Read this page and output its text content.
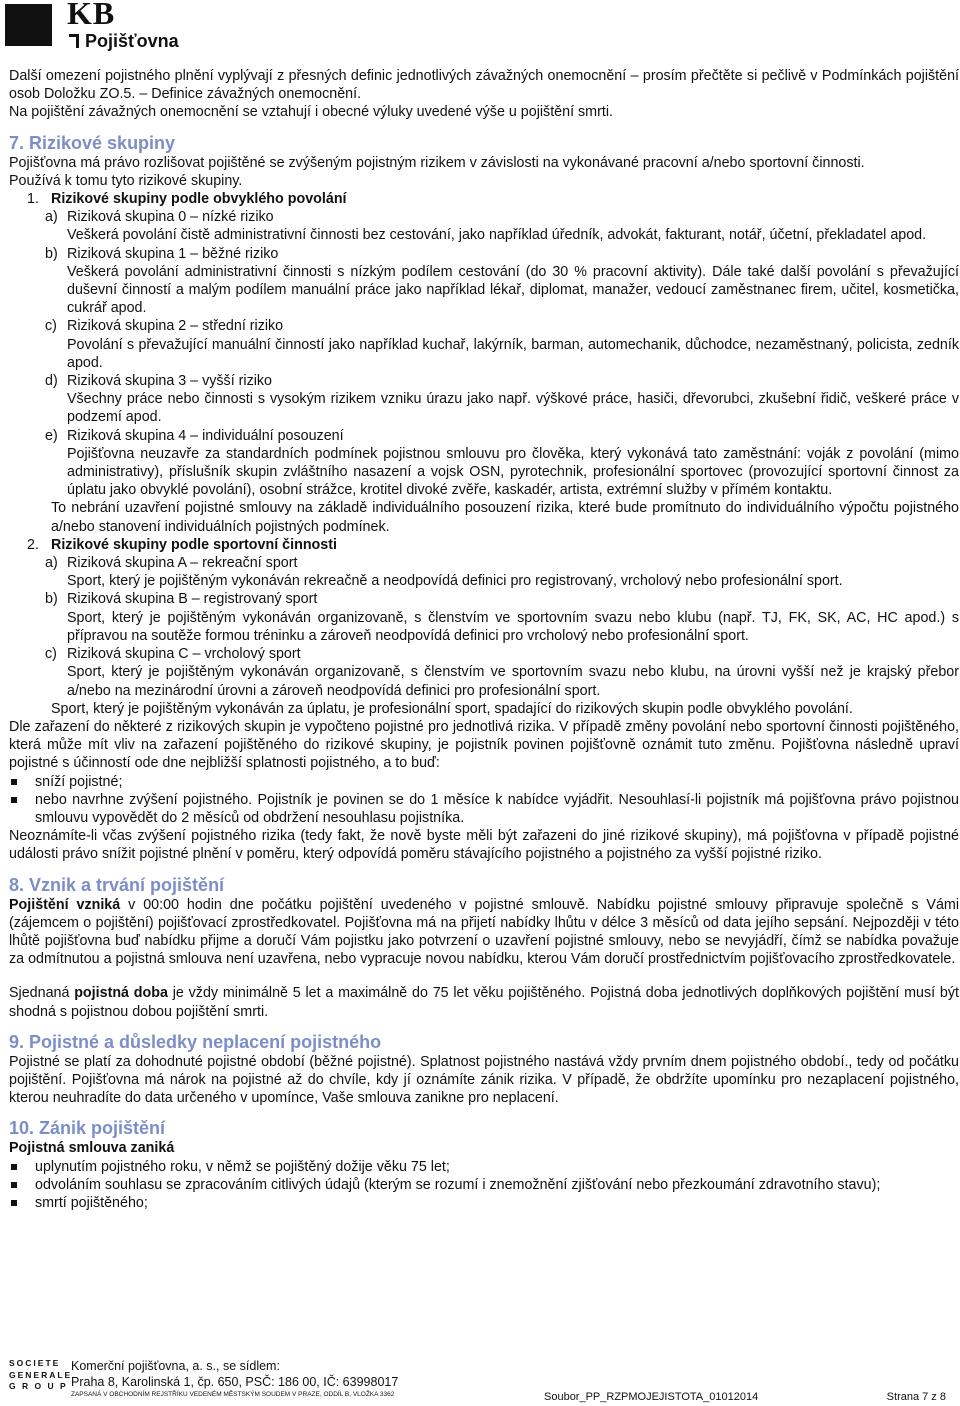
KB
Pojišťovna

Další omezení pojistného plnění vyplývají z přesných definic jednotlivých závažných onemocnění – prosím přečtěte si pečlivě v Podmínkách pojištění osob Doložku ZO.5. – Definice závažných onemocnění.

Na pojištění závažných onemocnění se vztahují i obecné výluky uvedené výše u pojištění smrti.

7. Rizikové skupiny

Pojišťovna má právo rozlišovat pojištěné se zvýšeným pojistným rizikem v závislosti na vykonávané pracovní a/nebo sportovní činnosti.

Používá k tomu tyto rizikové skupiny.

1. Rizikové skupiny podle obvyklého povolání
a) Riziková skupina 0 – nízké riziko

Veškerá povolání čistě administrativní činnosti bez cestování, jako například úředník, advokát, fakturant, notář, účetní, překladatel apod.

b) Riziková skupina 1 – běžné riziko

Veškerá povolání administrativní činnosti s nízkým podílem cestování (do 30 % pracovní aktivity). Dále také další povolání s převažující duševní činností a malým podílem manuální práce jako například lékař, diplomat, manažer, vedoucí zaměstnanec firem, učitel, kosmetička, cukrář apod.

c) Riziková skupina 2 – střední riziko

Povolání s převažující manuální činností jako například kuchař, lakýrník, barman, automechanik, důchodce, nezaměstnaný, policista, zedník apod.

d) Riziková skupina 3 – vyšší riziko

Všechny práce nebo činnosti s vysokým rizikem vzniku úrazu jako např. výškové práce, hasiči, dřevorubci, zkušební řidič, veškeré práce v podzemí apod.

e) Riziková skupina 4 – individuální posouzení

Pojišťovna neuzavře za standardních podmínek pojistnou smlouvu pro člověka, který vykonává tato zaměstnání: voják z povolání (mimo administrativy), příslušník skupin zvláštního nasazení a vojsk OSN, pyrotechnik, profesionální sportovec (provozující sportovní činnost za úplatu jako obvyklé povolání), osobní strážce, krotitel divoké zvěře, kaskadér, artista, extrémní služby v přímém kontaktu.

To nebrání uzavření pojistné smlouvy na základě individuálního posouzení rizika, které bude promítnuto do individuálního výpočtu pojistného a/nebo stanovení individuálních pojistných podmínek.

2. Rizikové skupiny podle sportovní činnosti
a) Riziková skupina A – rekreační sport

Sport, který je pojištěným vykonáván rekreačně a neodpovídá definici pro registrovaný, vrcholový nebo profesionální sport.

b) Riziková skupina B – registrovaný sport

Sport, který je pojištěným vykonáván organizovaně, s členstvím ve sportovním svazu nebo klubu (např. TJ, FK, SK, AC, HC apod.) s přípravou na soutěže formou tréninku a zároveň neodpovídá definici pro vrcholový nebo profesionální sport.

c) Riziková skupina C – vrcholový sport

Sport, který je pojištěným vykonáván organizovaně, s členstvím ve sportovním svazu nebo klubu, na úrovni vyšší než je krajský přebor a/nebo na mezinárodní úrovni a zároveň neodpovídá definici pro profesionální sport.

Sport, který je pojištěným vykonáván za úplatu, je profesionální sport, spadající do rizikových skupin podle obvyklého povolání.

Dle zařazení do některé z rizikových skupin je vypočteno pojistné pro jednotlivá rizika. V případě změny povolání nebo sportovní činnosti pojištěného, která může mít vliv na zařazení pojištěného do rizikové skupiny, je pojistník povinen pojišťovně oznámit tuto změnu. Pojišťovna následně upraví pojistné s účinností ode dne nejbližší splatnosti pojistného, a to buď:

sníží pojistné;

nebo navrhne zvýšení pojistného. Pojistník je povinen se do 1 měsíce k nabídce vyjádřit. Nesouhlasí-li pojistník má pojišťovna právo pojistnou smlouvu vypovědět do 2 měsíců od obdržení nesouhlasu pojistníka.

Neoznámíte-li včas zvýšení pojistného rizika (tedy fakt, že nově byste měli být zařazeni do jiné rizikové skupiny), má pojišťovna v případě pojistné události právo snížit pojistné plnění v poměru, který odpovídá poměru stávajícího pojistného a pojistného za vyšší pojistné riziko.

8. Vznik a trvání pojištění

Pojištění vzniká v 00:00 hodin dne počátku pojištění uvedeného v pojistné smlouvě. Nabídku pojistné smlouvy připravuje společně s Vámi (zájemcem o pojištění) pojišťovací zprostředkovatel. Pojišťovna má na přijetí nabídky lhůtu v délce 3 měsíců od data jejího sepsání. Nejpozději v této lhůtě pojišťovna buď nabídku přijme a doručí Vám pojistku jako potvrzení o uzavření pojistné smlouvy, nebo se nevyjádří, čímž se nabídka považuje za odmítnutou a pojistná smlouva není uzavřena, nebo vypracuje novou nabídku, kterou Vám doručí prostřednictvím pojišťovacího zprostředkovatele.

Sjednaná pojistná doba je vždy minimálně 5 let a maximálně do 75 let věku pojištěného. Pojistná doba jednotlivých doplňkových pojištění musí být shodná s pojistnou dobou pojištění smrti.

9. Pojistné a důsledky neplacení pojistného

Pojistné se platí za dohodnuté pojistné období (běžné pojistné). Splatnost pojistného nastává vždy prvním dnem pojistného období., tedy od počátku pojištění. Pojišťovna má nárok na pojistné až do chvíle, kdy jí oznámíte zánik rizika. V případě, že obdržíte upomínku pro nezaplacení pojistného, kterou neuhradíte do data určeného v upomínce, Vaše smlouva zanikne pro neplacení.

10. Zánik pojištění

Pojistná smlouva zaniká

uplynutím pojistného roku, v němž se pojištěný dožije věku 75 let;

odvoláním souhlasu se zpracováním citlivých údajů (kterým se rozumí i znemožnění zjišťování nebo přezkoumání zdravotního stavu);

smrtí pojištěného;
SOCIETE
GENERALE
G R O U P
Komerční pojišťovna, a. s., se sídlem:
Praha 8, Karolinská 1, čp. 650, PSČ: 186 00, IČ: 63998017
ZAPSANÁ V OBCHODNÍM REJSTŘÍKU VEDENÉM MĚSTSKÝM SOUDEM V PRAZE, ODDÍL B, VLOŽKA 3362	Soubor_PP_RZPMOJEJISTOTA_01012014	Strana 7 z 8
